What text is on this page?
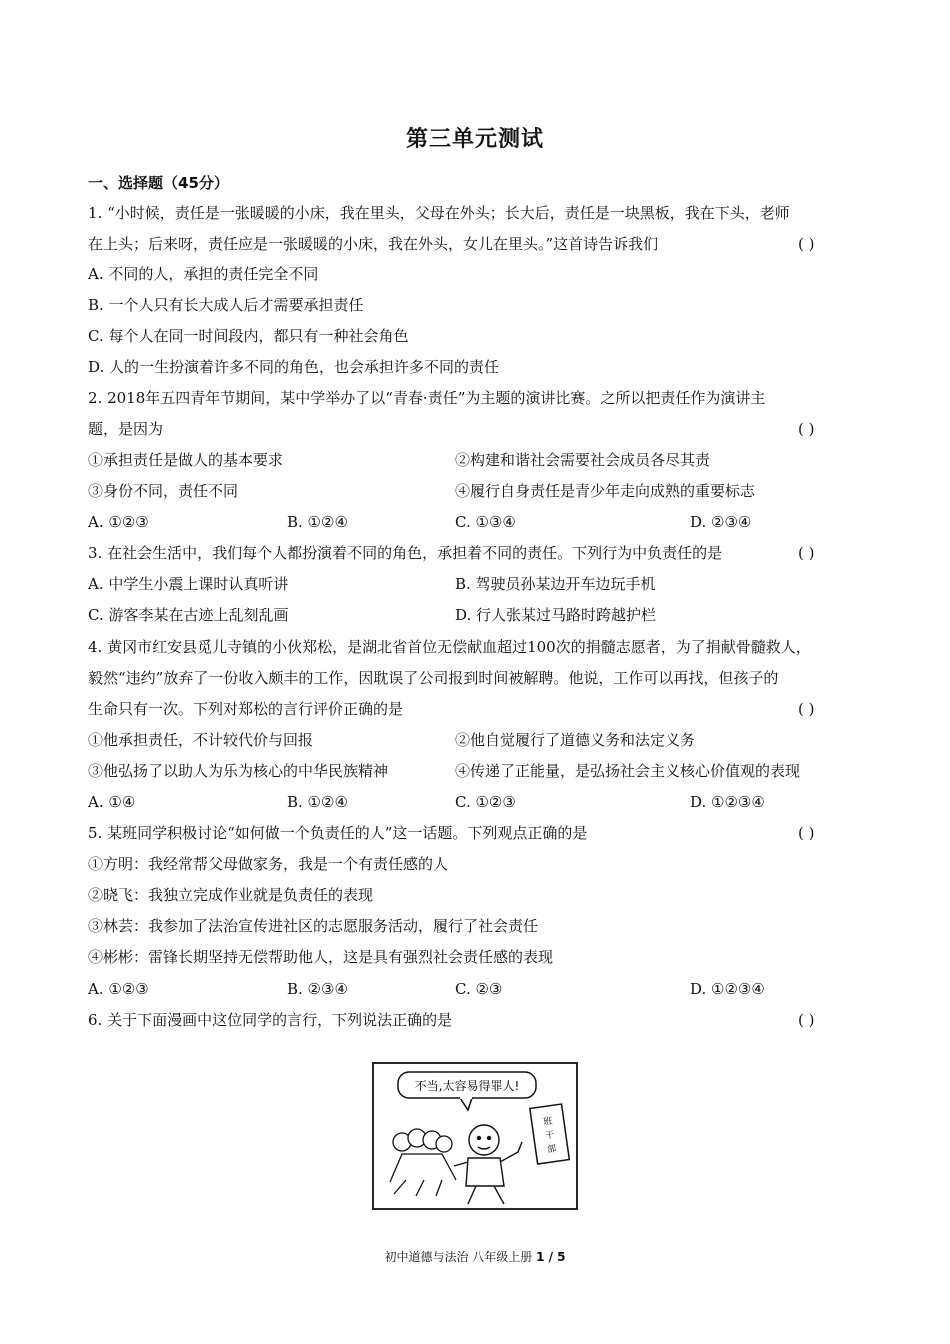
第三单元测试
一、选择题（45分）
1. “小时候，责任是一张暖暖的小床，我在里头，父母在外头；长大后，责任是一块黑板，我在下头，老师
在上头；后来呀，责任应是一张暖暖的小床，我在外头，女儿在里头。”这首诗告诉我们	( )
A. 不同的人，承担的责任完全不同
B. 一个人只有长大成人后才需要承担责任
C. 每个人在同一时间段内，都只有一种社会角色
D. 人的一生扮演着许多不同的角色，也会承担许多不同的责任
2. 2018年五四青年节期间，某中学举办了以“青春·责任”为主题的演讲比赛。之所以把责任作为演讲主
题，是因为	( )
①承担责任是做人的基本要求	②构建和谐社会需要社会成员各尽其责
③身份不同，责任不同	④履行自身责任是青少年走向成熟的重要标志
A. ①②③	B. ①②④	C. ①③④	D. ②③④
3. 在社会生活中，我们每个人都扮演着不同的角色，承担着不同的责任。下列行为中负责任的是	( )
A. 中学生小震上课时认真听讲	B. 驾驶员孙某边开车边玩手机
C. 游客李某在古迹上乱刻乱画	D. 行人张某过马路时跨越护栏
4. 黄冈市红安县觅儿寺镇的小伙郑松，是湖北省首位无偿献血超过100次的捐髓志愿者，为了捐献骨髓救人，
毅然“违约”放弃了一份收入颇丰的工作，因耽误了公司报到时间被解聘。他说，工作可以再找，但孩子的
生命只有一次。下列对郑松的言行评价正确的是	( )
①他承担责任，不计较代价与回报	②他自觉履行了道德义务和法定义务
③他弘扬了以助人为乐为核心的中华民族精神	④传递了正能量，是弘扬社会主义核心价值观的表现
A. ①④	B. ①②④	C. ①②③	D. ①②③④
5. 某班同学积极讨论“如何做一个负责任的人”这一话题。下列观点正确的是	( )
①方明：我经常帮父母做家务，我是一个有责任感的人
②晓飞：我独立完成作业就是负责任的表现
③林芸：我参加了法治宣传进社区的志愿服务活动，履行了社会责任
④彬彬：雷锋长期坚持无偿帮助他人，这是具有强烈社会责任感的表现
A. ①②③	B. ②③④	C. ②③	D. ①②③④
6. 关于下面漫画中这位同学的言行，下列说法正确的是	( )
不当,太容易得罪人!
班
干
部
初中道德与法治 八年级上册 1 / 5
